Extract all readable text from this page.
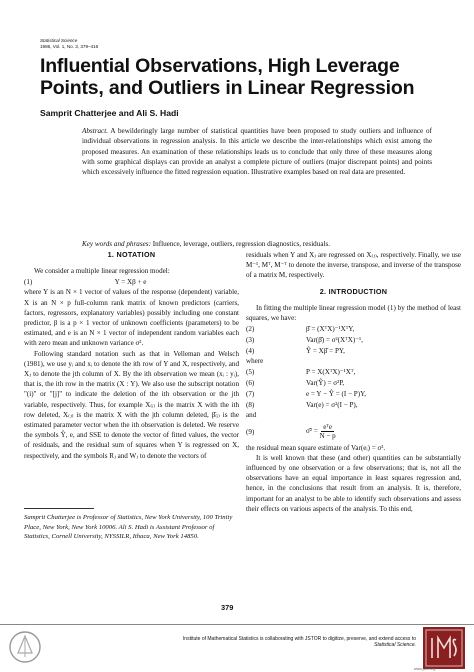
Statistical Science
1986, Vol. 1, No. 3, 379–416
Influential Observations, High Leverage Points, and Outliers in Linear Regression
Samprit Chatterjee and Ali S. Hadi
Abstract. A bewilderingly large number of statistical quantities have been proposed to study outliers and influence of individual observations in regression analysis. In this article we describe the inter-relationships which exist among the proposed measures. An examination of these relationships leads us to conclude that only three of these measures along with some graphical displays can provide an analyst a complete picture of outliers (major discrepant points) and points which excessively influence the fitted regression equation. Illustrative examples based on real data are presented.
Key words and phrases: Influence, leverage, outliers, regression diagnostics, residuals.
1. NOTATION

We consider a multiple linear regression model:

(1)	Y = Xβ + e

where Y is an N × 1 vector of values of the response (dependent) variable, X is an N × p full-column rank matrix of known predictors (carriers, factors, regressors, explanatory variables) possibly including one constant predictor, β is a p × 1 vector of unknown coefficients (parameters) to be estimated, and e is an N × 1 vector of independent random variables each with zero mean and unknown variance σ².

Following standard notation such as that in Velleman and Welsch (1981), we use yᵢ and xᵢ to denote the ith row of Y and X, respectively, and Xⱼ to denote the jth column of X. By the ith observation we mean (xᵢ : yᵢ), that is, the ith row in the matrix (X : Y). We also use the subscript notation "(i)" or "[j]" to indicate the deletion of the ith observation or the jth variable, respectively. Thus, for example X₍ᵢ₎ is the matrix X with the ith row deleted, X₍ⱼ₎ is the matrix X with the jth column deleted, β̂₍ᵢ₎ is the estimated parameter vector when the ith observation is deleted. We reserve the symbols Ŷ, e, and SSE to denote the vector of fitted values, the vector of residuals, and the residual sum of squares when Y is regressed on X, respectively, and the symbols Rⱼ and Wⱼ to denote the vectors of

Samprit Chatterjee is Professor of Statistics, New York University, 100 Trinity Place, New York, New York 10006. Ali S. Hadi is Assistant Professor of Statistics, Cornell University, NYSSILR, Ithaca, New York 14850.

residuals when Y and Xⱼ are regressed on X₍ⱼ₎, respectively. Finally, we use M⁻¹, Mᵀ, M⁻ᵀ to denote the inverse, transpose, and inverse of the transpose of a matrix M, respectively.

2. INTRODUCTION

In fitting the multiple linear regression model (1) by the method of least squares, we have:

(2)	β̂ = (XᵀX)⁻¹XᵀY,
(3)	Var(β̂) = σ²(XᵀX)⁻¹,
(4)	Ŷ = Xβ̂ = PY,

where

(5)	P = X(XᵀX)⁻¹Xᵀ,
(6)	Var(Ŷ) = σ²P,
(7)	e = Y − Ŷ = (I − P)Y,
(8)	Var(e) = σ²(I − P),

and

(9)	σ̂² = $\frac{\text{eᵀe}}{N - p}$

the residual mean square estimate of Var(eᵢ) = σ².

It is well known that these (and other) quantities can be substantially influenced by one observation or a few observations; that is, not all the observations have an equal importance in least squares regression and, hence, in the conclusions that result from an analysis. It is, therefore, important for an analyst to be able to identify such observations and assess their effects on various aspects of the analysis. To this end,

379
Institute of Mathematical Statistics is collaborating with JSTOR to digitize, preserve, and extend access to
Statistical Science.
www.jstor.org
